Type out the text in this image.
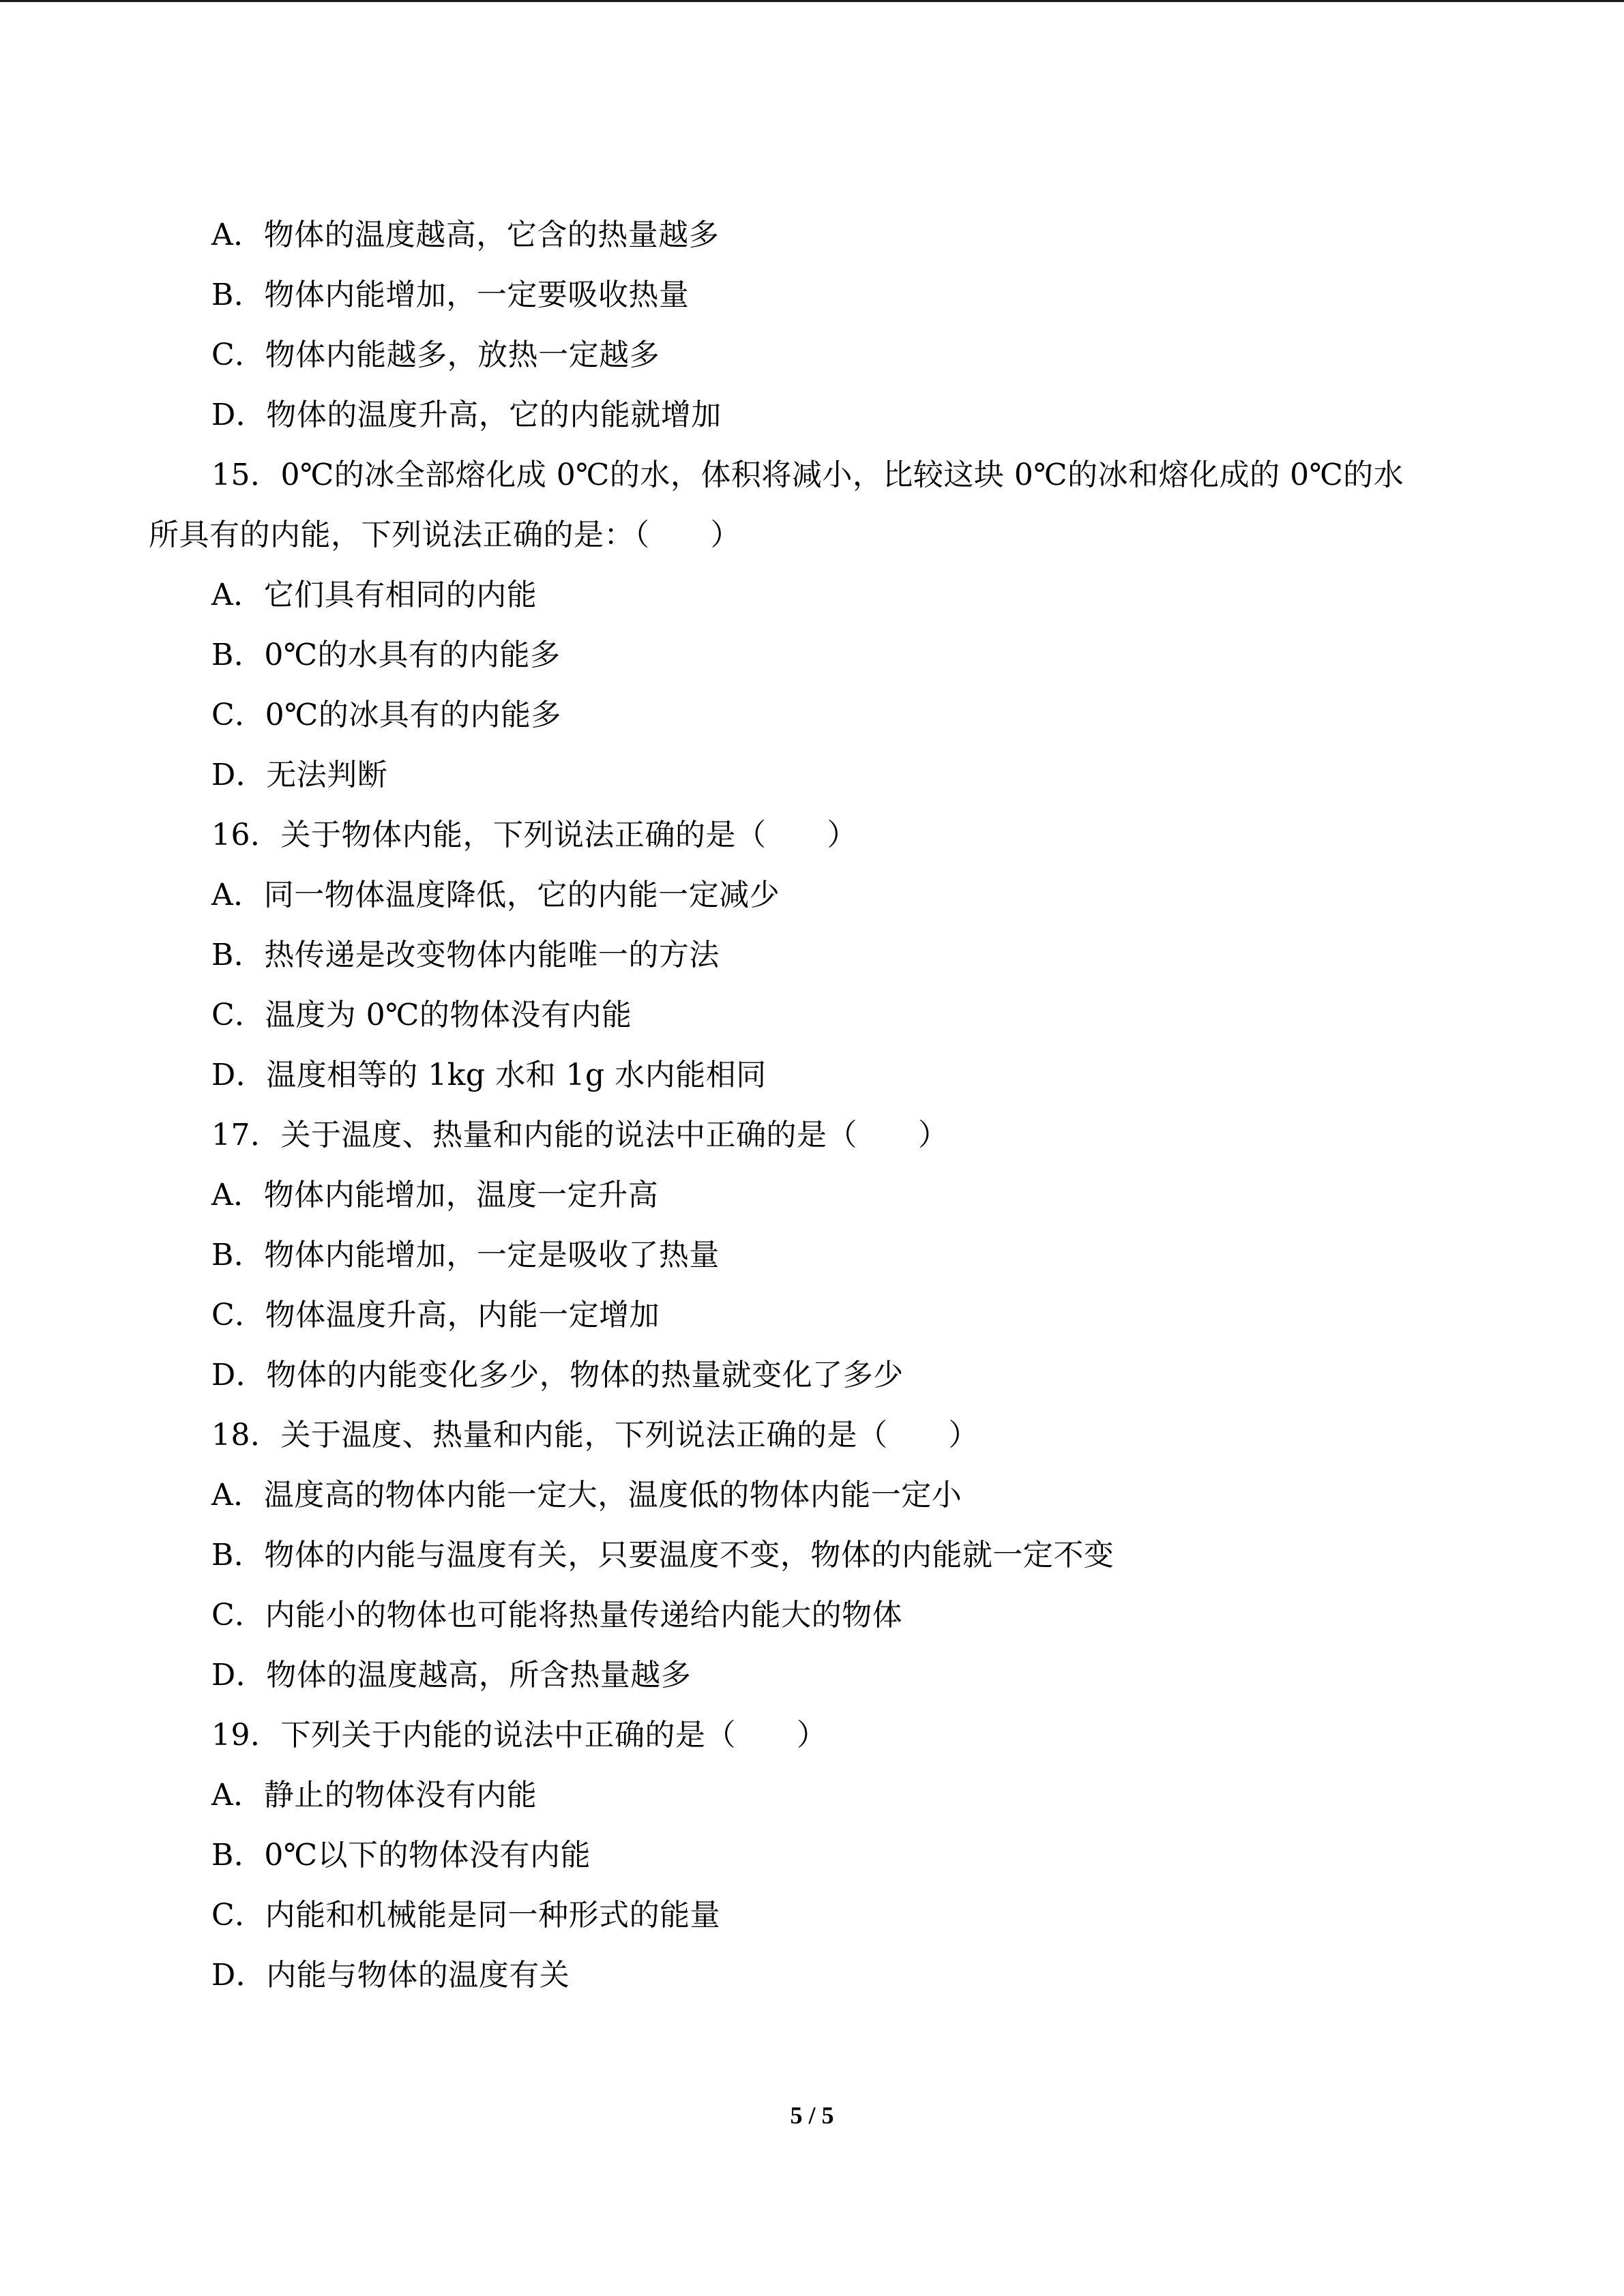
A．物体的温度越高，它含的热量越多
B．物体内能增加，一定要吸收热量
C．物体内能越多，放热一定越多
D．物体的温度升高，它的内能就增加
15．0℃的冰全部熔化成 0℃的水，体积将减小，比较这块 0℃的冰和熔化成的 0℃的水
所具有的内能，下列说法正确的是：（　　）
A．它们具有相同的内能
B．0℃的水具有的内能多
C．0℃的冰具有的内能多
D．无法判断
16．关于物体内能，下列说法正确的是（　　）
A．同一物体温度降低，它的内能一定减少
B．热传递是改变物体内能唯一的方法
C．温度为 0℃的物体没有内能
D．温度相等的 1kg 水和 1g 水内能相同
17．关于温度、热量和内能的说法中正确的是（　　）
A．物体内能增加，温度一定升高
B．物体内能增加，一定是吸收了热量
C．物体温度升高，内能一定增加
D．物体的内能变化多少，物体的热量就变化了多少
18．关于温度、热量和内能，下列说法正确的是（　　）
A．温度高的物体内能一定大，温度低的物体内能一定小
B．物体的内能与温度有关，只要温度不变，物体的内能就一定不变
C．内能小的物体也可能将热量传递给内能大的物体
D．物体的温度越高，所含热量越多
19．下列关于内能的说法中正确的是（　　）
A．静止的物体没有内能
B．0℃以下的物体没有内能
C．内能和机械能是同一种形式的能量
D．内能与物体的温度有关
5 / 5
